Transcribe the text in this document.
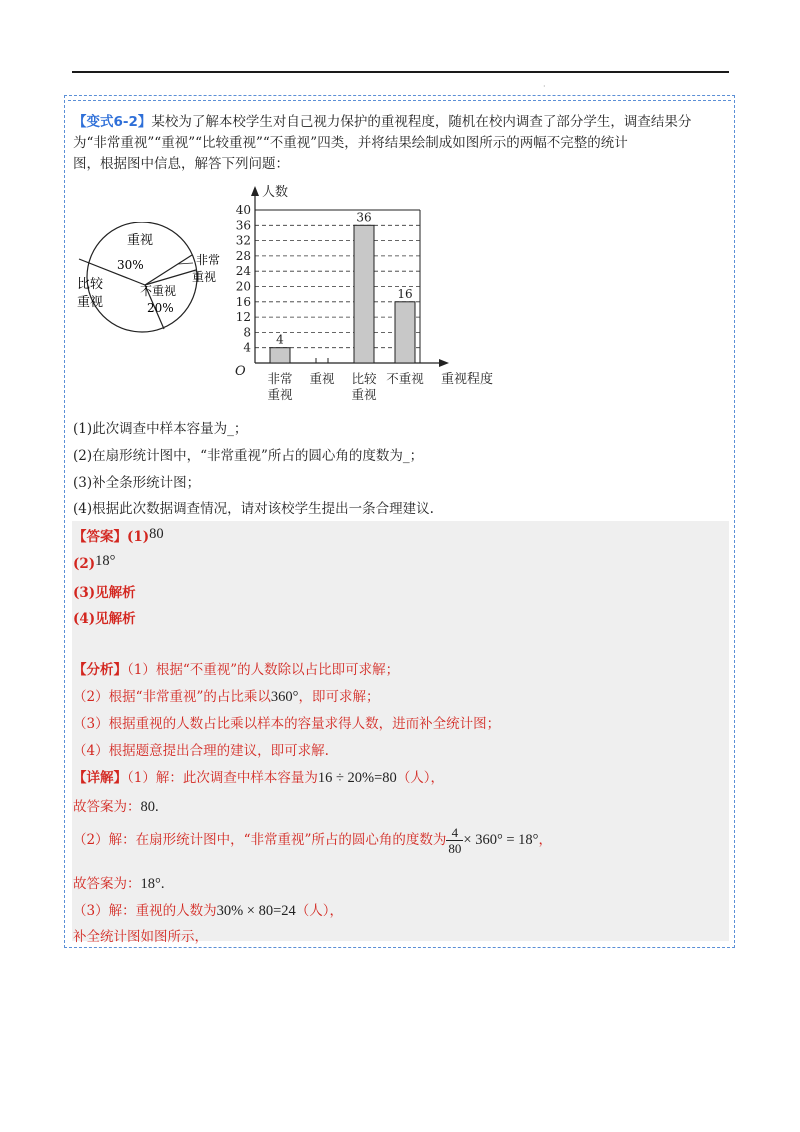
·
【变式6-2】某校为了解本校学生对自己视力保护的重视程度，随机在校内调查了部分学生，调查结果分
为“非常重视”“重视”“比较重视”“不重视”四类，并将结果绘制成如图所示的两幅不完整的统计
图，根据图中信息，解答下列问题：
重视
30%	非常
重视
比较
重视
不重视
20%
4
8
12
16
20
24
28
32
36
40
人数
重视程度
O
4
非常
重视
重视
36
比较
重视
16
不重视
(1)此次调查中样本容量为_；
(2)在扇形统计图中，“非常重视”所占的圆心角的度数为_；
(3)补全条形统计图；
(4)根据此次数据调查情况，请对该校学生提出一条合理建议.
【答案】(1)80
(2)18°
(3)见解析
(4)见解析
【分析】（1）根据“不重视”的人数除以占比即可求解；
（2）根据“非常重视”的占比乘以360°，即可求解；
（3）根据重视的人数占比乘以样本的容量求得人数，进而补全统计图；
（4）根据题意提出合理的建议，即可求解.
【详解】（1）解：此次调查中样本容量为16 ÷ 20%=80（人），
故答案为：80.
（2）解：在扇形统计图中，“非常重视”所占的圆心角的度数为 $\frac{4}{80} \times 360^\circ = 18^\circ$，
故答案为：18°.
（3）解：重视的人数为30% × 80=24（人），
补全统计图如图所示，
